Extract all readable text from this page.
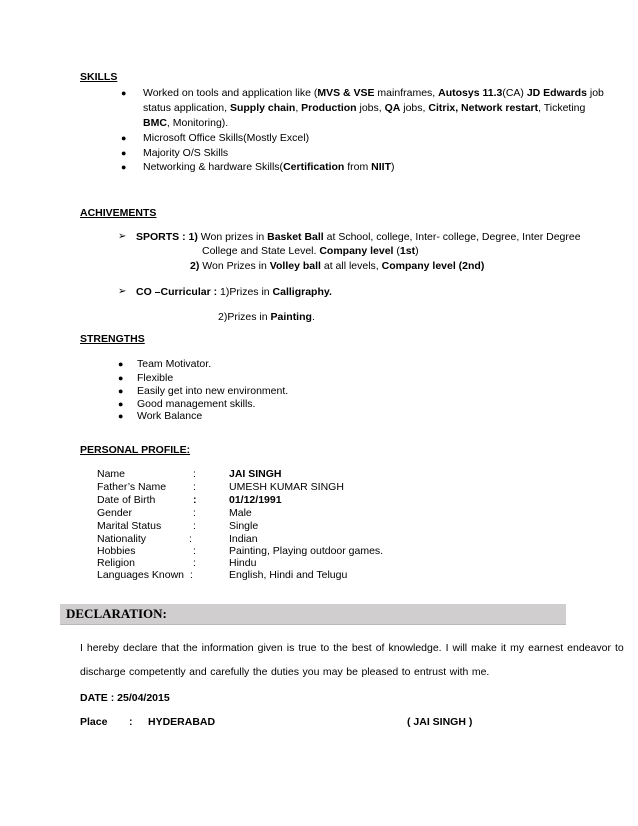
SKILLS
● Worked on tools and application like (MVS & VSE mainframes, Autosys 11.3(CA) JD Edwards job
status application, Supply chain, Production jobs, QA jobs, Citrix, Network restart, Ticketing
BMC, Monitoring).
● Microsoft Office Skills(Mostly Excel)
● Majority O/S Skills
● Networking & hardware Skills(Certification from NIIT)
ACHIVEMENTS
➢ SPORTS : 1) Won prizes in Basket Ball at School, college, Inter- college, Degree, Inter Degree
College and State Level. Company level (1st)
2) Won Prizes in Volley ball at all levels, Company level (2nd)
➢ CO –Curricular : 1)Prizes in Calligraphy.
2)Prizes in Painting.
STRENGTHS
● Team Motivator.
● Flexible
● Easily get into new environment.
● Good management skills.
● Work Balance
PERSONAL PROFILE:
Name	:	JAI SINGH
Father’s Name	:	UMESH KUMAR SINGH
Date of Birth	:	01/12/1991
Gender	:	Male
Marital Status	:	Single
Nationality	:	Indian
Hobbies	:	Painting, Playing outdoor games.
Religion	:	Hindu
Languages Known :	English, Hindi and Telugu
DECLARATION:
I hereby declare that the information given is true to the best of knowledge. I will make it my earnest endeavor to
discharge competently and carefully the duties you may be pleased to entrust with me.
DATE : 25/04/2015
Place : HYDERABAD	( JAI SINGH )
